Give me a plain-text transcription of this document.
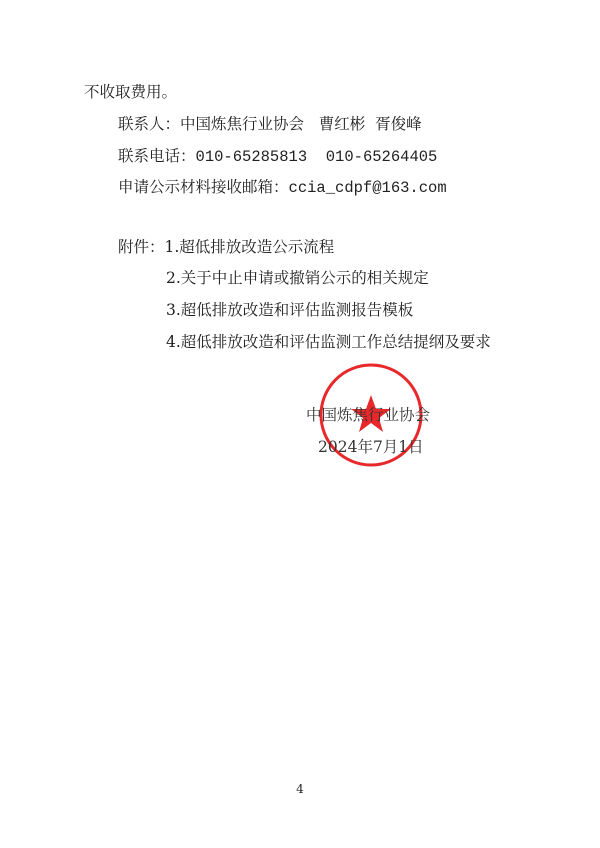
不收取费用。
联系人：中国炼焦行业协会   曹红彬  胥俊峰
联系电话：010-65285813  010-65264405
申请公示材料接收邮箱：ccia_cdpf@163.com
附件：1.超低排放改造公示流程
2.关于中止申请或撤销公示的相关规定
3.超低排放改造和评估监测报告模板
4.超低排放改造和评估监测工作总结提纲及要求
中国炼焦行业协会
2024年7月1日
4
